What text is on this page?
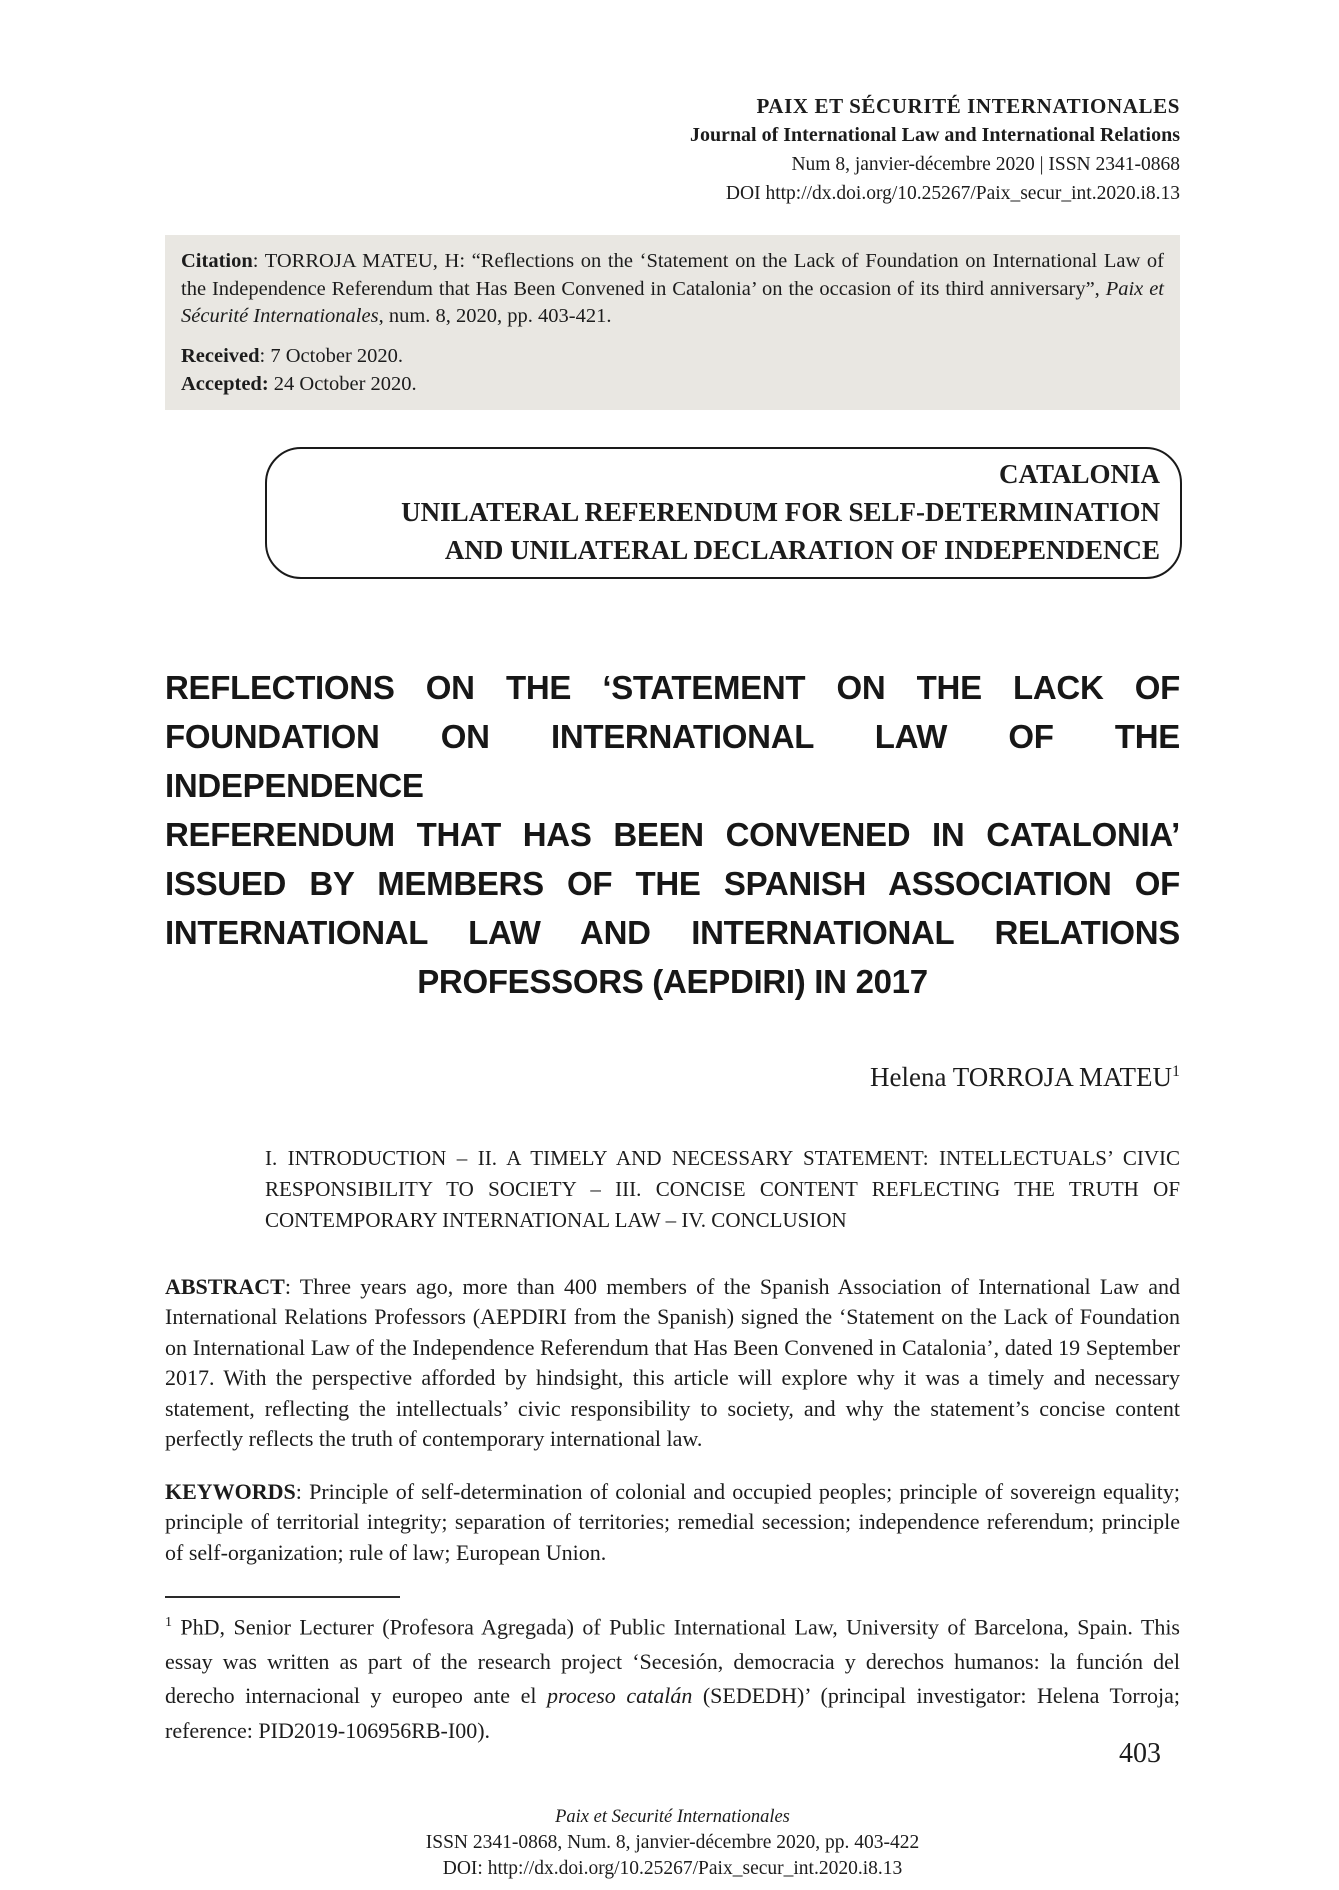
PAIX ET SÉCURITÉ INTERNATIONALES
Journal of International Law and International Relations
Num 8, janvier-décembre 2020 | ISSN 2341-0868
DOI http://dx.doi.org/10.25267/Paix_secur_int.2020.i8.13

Citation: TORROJA MATEU, H: “Reflections on the ‘Statement on the Lack of Foundation on International Law of the Independence Referendum that Has Been Convened in Catalonia’ on the occasion of its third anniversary”, Paix et Sécurité Internationales, num. 8, 2020, pp. 403-421.

Received: 7 October 2020.
Accepted: 24 October 2020.
CATALONIA
UNILATERAL REFERENDUM FOR SELF-DETERMINATION
AND UNILATERAL DECLARATION OF INDEPENDENCE
REFLECTIONS ON THE ‘STATEMENT ON THE LACK OF
FOUNDATION ON INTERNATIONAL LAW OF THE INDEPENDENCE
REFERENDUM THAT HAS BEEN CONVENED IN CATALONIA’
ISSUED BY MEMBERS OF THE SPANISH ASSOCIATION OF
INTERNATIONAL LAW AND INTERNATIONAL RELATIONS
PROFESSORS (AEPDIRI) IN 2017
Helena TORROJA MATEU$^1$
I. INTRODUCTION – II. A TIMELY AND NECESSARY STATEMENT: INTELLECTUALS’ CIVIC RESPONSIBILITY TO SOCIETY – III. CONCISE CONTENT REFLECTING THE TRUTH OF CONTEMPORARY INTERNATIONAL LAW – IV. CONCLUSION

ABSTRACT: Three years ago, more than 400 members of the Spanish Association of International Law and International Relations Professors (AEPDIRI from the Spanish) signed the ‘Statement on the Lack of Foundation on International Law of the Independence Referendum that Has Been Convened in Catalonia’, dated 19 September 2017. With the perspective afforded by hindsight, this article will explore why it was a timely and necessary statement, reflecting the intellectuals’ civic responsibility to society, and why the statement’s concise content perfectly reflects the truth of contemporary international law.

KEYWORDS: Principle of self-determination of colonial and occupied peoples; principle of sovereign equality; principle of territorial integrity; separation of territories; remedial secession; independence referendum; principle of self-organization; rule of law; European Union.

$^1$ PhD, Senior Lecturer (Profesora Agregada) of Public International Law, University of Barcelona, Spain. This essay was written as part of the research project ‘Secesión, democracia y derechos humanos: la función del derecho internacional y europeo ante el proceso catalán (SEDEDH)’ (principal investigator: Helena Torroja; reference: PID2019-106956RB-I00).

Paix et Securité Internationales
ISSN 2341-0868, Num. 8, janvier-décembre 2020, pp. 403-422
DOI: http://dx.doi.org/10.25267/Paix_secur_int.2020.i8.13
403
